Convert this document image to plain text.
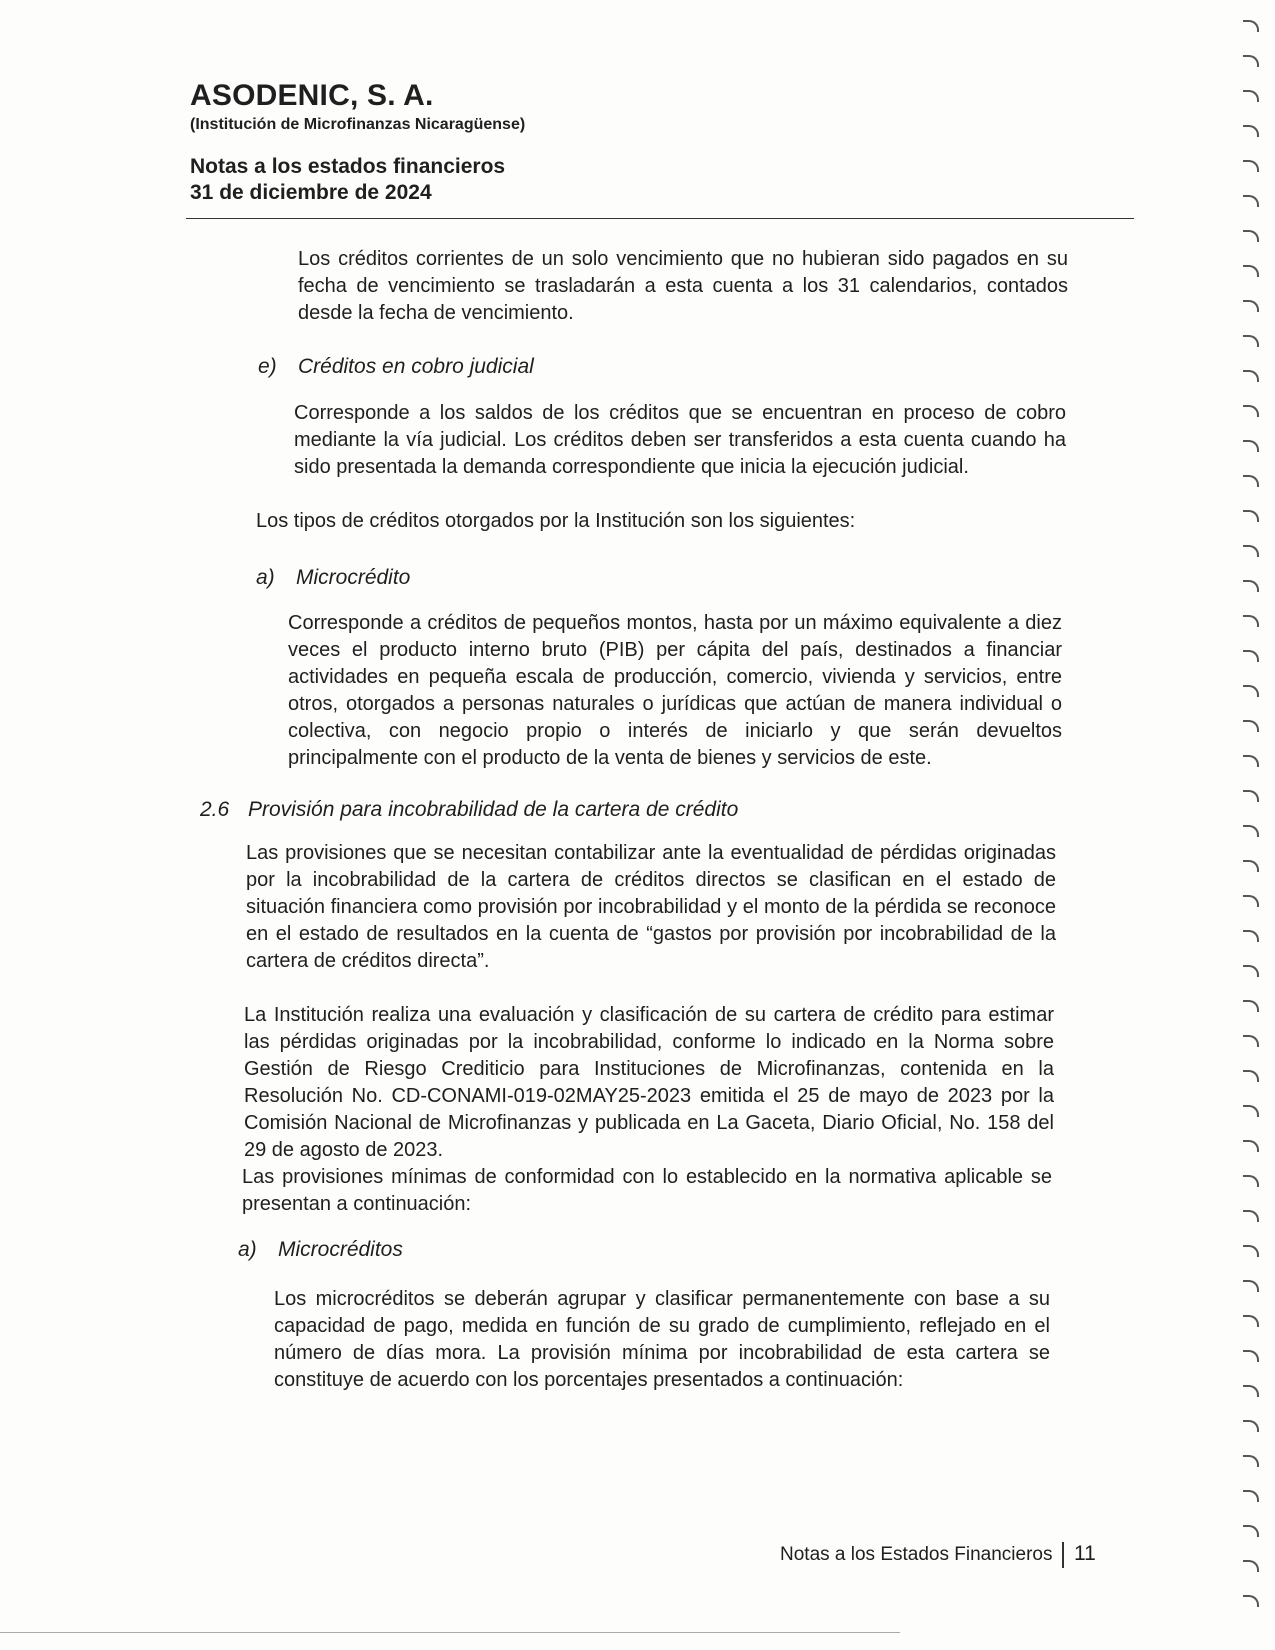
ASODENIC, S. A.

(Institución de Microfinanzas Nicaragüense)

Notas a los estados financieros

31 de diciembre de 2024

Los créditos corrientes de un solo vencimiento que no hubieran sido pagados en su fecha de vencimiento se trasladarán a esta cuenta a los 31 calendarios, contados desde la fecha de vencimiento.

e) Créditos en cobro judicial

Corresponde a los saldos de los créditos que se encuentran en proceso de cobro mediante la vía judicial. Los créditos deben ser transferidos a esta cuenta cuando ha sido presentada la demanda correspondiente que inicia la ejecución judicial.

Los tipos de créditos otorgados por la Institución son los siguientes:

a) Microcrédito

Corresponde a créditos de pequeños montos, hasta por un máximo equivalente a diez veces el producto interno bruto (PIB) per cápita del país, destinados a financiar actividades en pequeña escala de producción, comercio, vivienda y servicios, entre otros, otorgados a personas naturales o jurídicas que actúan de manera individual o colectiva, con negocio propio o interés de iniciarlo y que serán devueltos principalmente con el producto de la venta de bienes y servicios de este.

2.6 Provisión para incobrabilidad de la cartera de crédito

Las provisiones que se necesitan contabilizar ante la eventualidad de pérdidas originadas por la incobrabilidad de la cartera de créditos directos se clasifican en el estado de situación financiera como provisión por incobrabilidad y el monto de la pérdida se reconoce en el estado de resultados en la cuenta de “gastos por provisión por incobrabilidad de la cartera de créditos directa”.

La Institución realiza una evaluación y clasificación de su cartera de crédito para estimar las pérdidas originadas por la incobrabilidad, conforme lo indicado en la Norma sobre Gestión de Riesgo Crediticio para Instituciones de Microfinanzas, contenida en la Resolución No. CD-CONAMI-019-02MAY25-2023 emitida el 25 de mayo de 2023 por la Comisión Nacional de Microfinanzas y publicada en La Gaceta, Diario Oficial, No. 158 del 29 de agosto de 2023.

Las provisiones mínimas de conformidad con lo establecido en la normativa aplicable se presentan a continuación:

a) Microcréditos

Los microcréditos se deberán agrupar y clasificar permanentemente con base a su capacidad de pago, medida en función de su grado de cumplimiento, reflejado en el número de días mora. La provisión mínima por incobrabilidad de esta cartera se constituye de acuerdo con los porcentajes presentados a continuación:

Notas a los Estados Financieros 11
